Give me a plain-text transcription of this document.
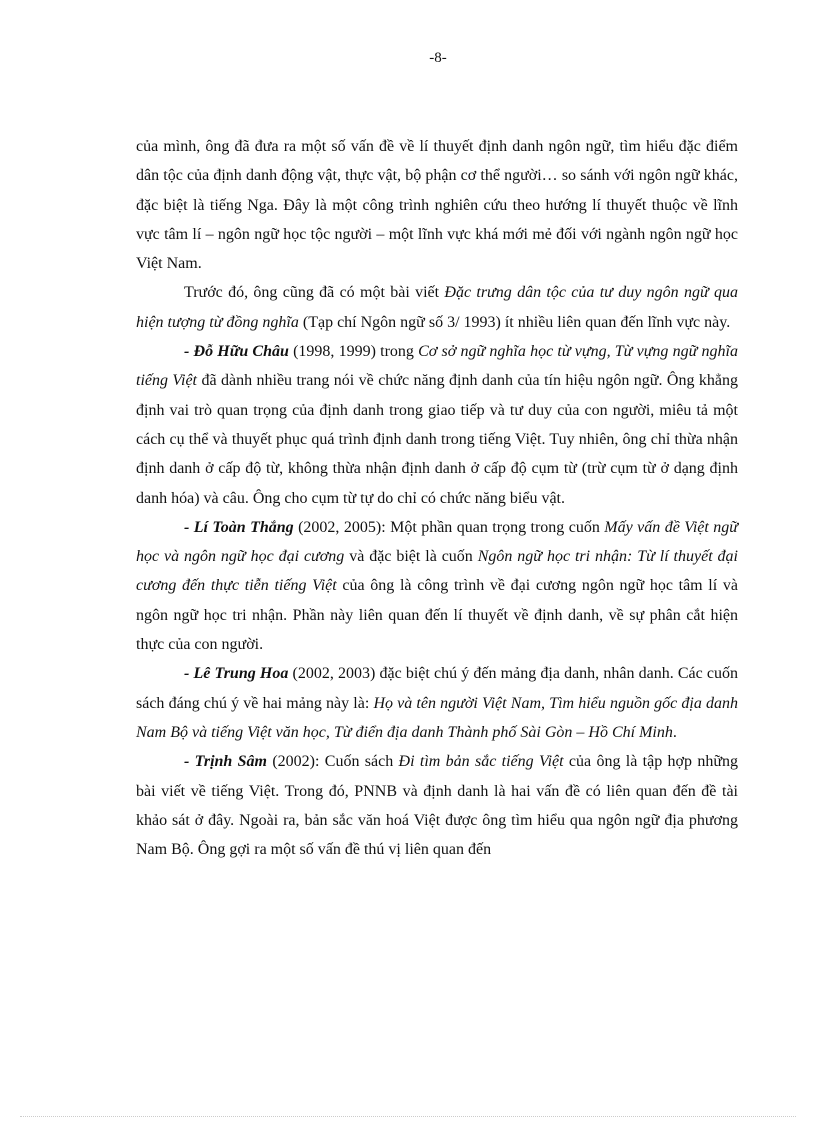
-8-

của mình, ông đã đưa ra một số vấn đề về lí thuyết định danh ngôn ngữ, tìm hiểu đặc điểm dân tộc của định danh động vật, thực vật, bộ phận cơ thể người… so sánh với ngôn ngữ khác, đặc biệt là tiếng Nga. Đây là một công trình nghiên cứu theo hướng lí thuyết thuộc về lĩnh vực tâm lí – ngôn ngữ học tộc người – một lĩnh vực khá mới mẻ đối với ngành ngôn ngữ học Việt Nam.

Trước đó, ông cũng đã có một bài viết Đặc trưng dân tộc của tư duy ngôn ngữ qua hiện tượng từ đồng nghĩa (Tạp chí Ngôn ngữ số 3/ 1993) ít nhiều liên quan đến lĩnh vực này.

- Đỗ Hữu Châu (1998, 1999) trong Cơ sở ngữ nghĩa học từ vựng, Từ vựng ngữ nghĩa tiếng Việt đã dành nhiều trang nói về chức năng định danh của tín hiệu ngôn ngữ. Ông khẳng định vai trò quan trọng của định danh trong giao tiếp và tư duy của con người, miêu tả một cách cụ thể và thuyết phục quá trình định danh trong tiếng Việt. Tuy nhiên, ông chỉ thừa nhận định danh ở cấp độ từ, không thừa nhận định danh ở cấp độ cụm từ (trừ cụm từ ở dạng định danh hóa) và câu. Ông cho cụm từ tự do chỉ có chức năng biểu vật.

- Lí Toàn Thắng (2002, 2005): Một phần quan trọng trong cuốn Mấy vấn đề Việt ngữ học và ngôn ngữ học đại cương và đặc biệt là cuốn Ngôn ngữ học tri nhận: Từ lí thuyết đại cương đến thực tiễn tiếng Việt của ông là công trình về đại cương ngôn ngữ học tâm lí và ngôn ngữ học tri nhận. Phần này liên quan đến lí thuyết về định danh, về sự phân cắt hiện thực của con người.

- Lê Trung Hoa (2002, 2003) đặc biệt chú ý đến mảng địa danh, nhân danh. Các cuốn sách đáng chú ý về hai mảng này là: Họ và tên người Việt Nam, Tìm hiểu nguồn gốc địa danh Nam Bộ và tiếng Việt văn học, Từ điển địa danh Thành phố Sài Gòn – Hồ Chí Minh.

- Trịnh Sâm (2002): Cuốn sách Đi tìm bản sắc tiếng Việt của ông là tập hợp những bài viết về tiếng Việt. Trong đó, PNNB và định danh là hai vấn đề có liên quan đến đề tài khảo sát ở đây. Ngoài ra, bản sắc văn hoá Việt được ông tìm hiểu qua ngôn ngữ địa phương Nam Bộ. Ông gợi ra một số vấn đề thú vị liên quan đến
